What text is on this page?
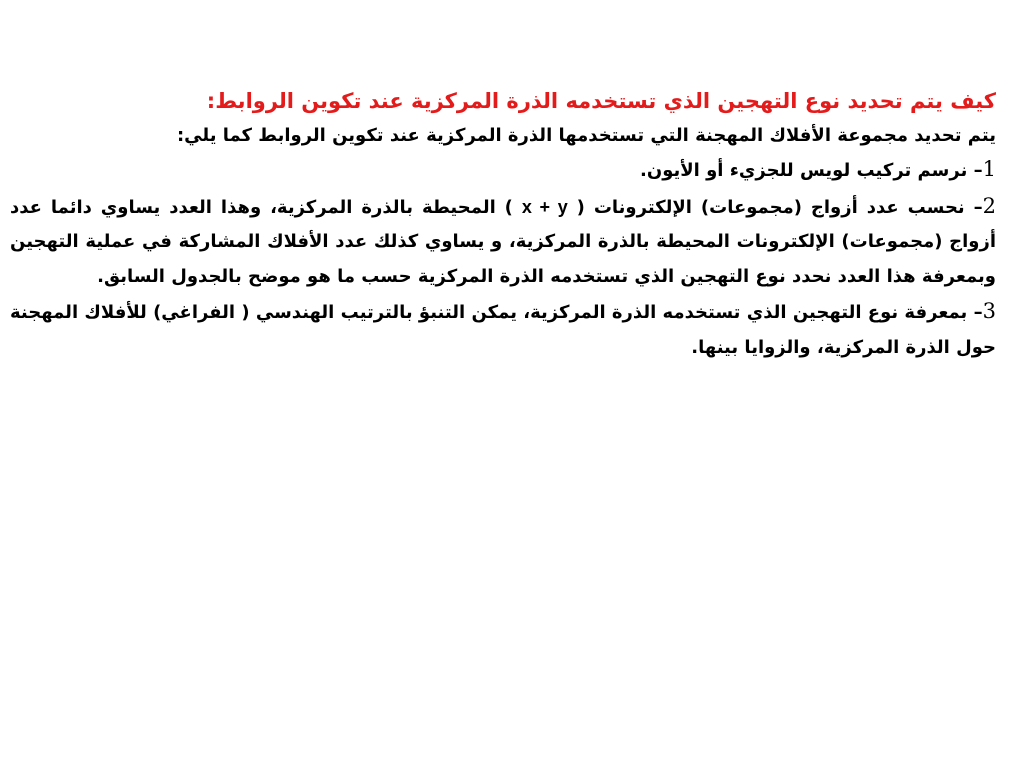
كيف يتم تحديد نوع التهجين الذي تستخدمه الذرة المركزية عند تكوين الروابط:

يتم تحديد مجموعة الأفلاك المهجنة التي تستخدمها الذرة المركزية عند تكوين الروابط كما يلي:

1– نرسم تركيب لويس للجزيء أو الأيون.

2– نحسب عدد أزواج (مجموعات) الإلكترونات ( x + y ) المحيطة بالذرة المركزية، وهذا العدد يساوي دائما عدد أزواج (مجموعات) الإلكترونات المحيطة بالذرة المركزية، و يساوي كذلك عدد الأفلاك المشاركة في عملية التهجين وبمعرفة هذا العدد نحدد نوع التهجين الذي تستخدمه الذرة المركزية حسب ما هو موضح بالجدول السابق.

3– بمعرفة نوع التهجين الذي تستخدمه الذرة المركزية، يمكن التنبؤ بالترتيب الهندسي ( الفراغي) للأفلاك المهجنة حول الذرة المركزية، والزوايا بينها.
